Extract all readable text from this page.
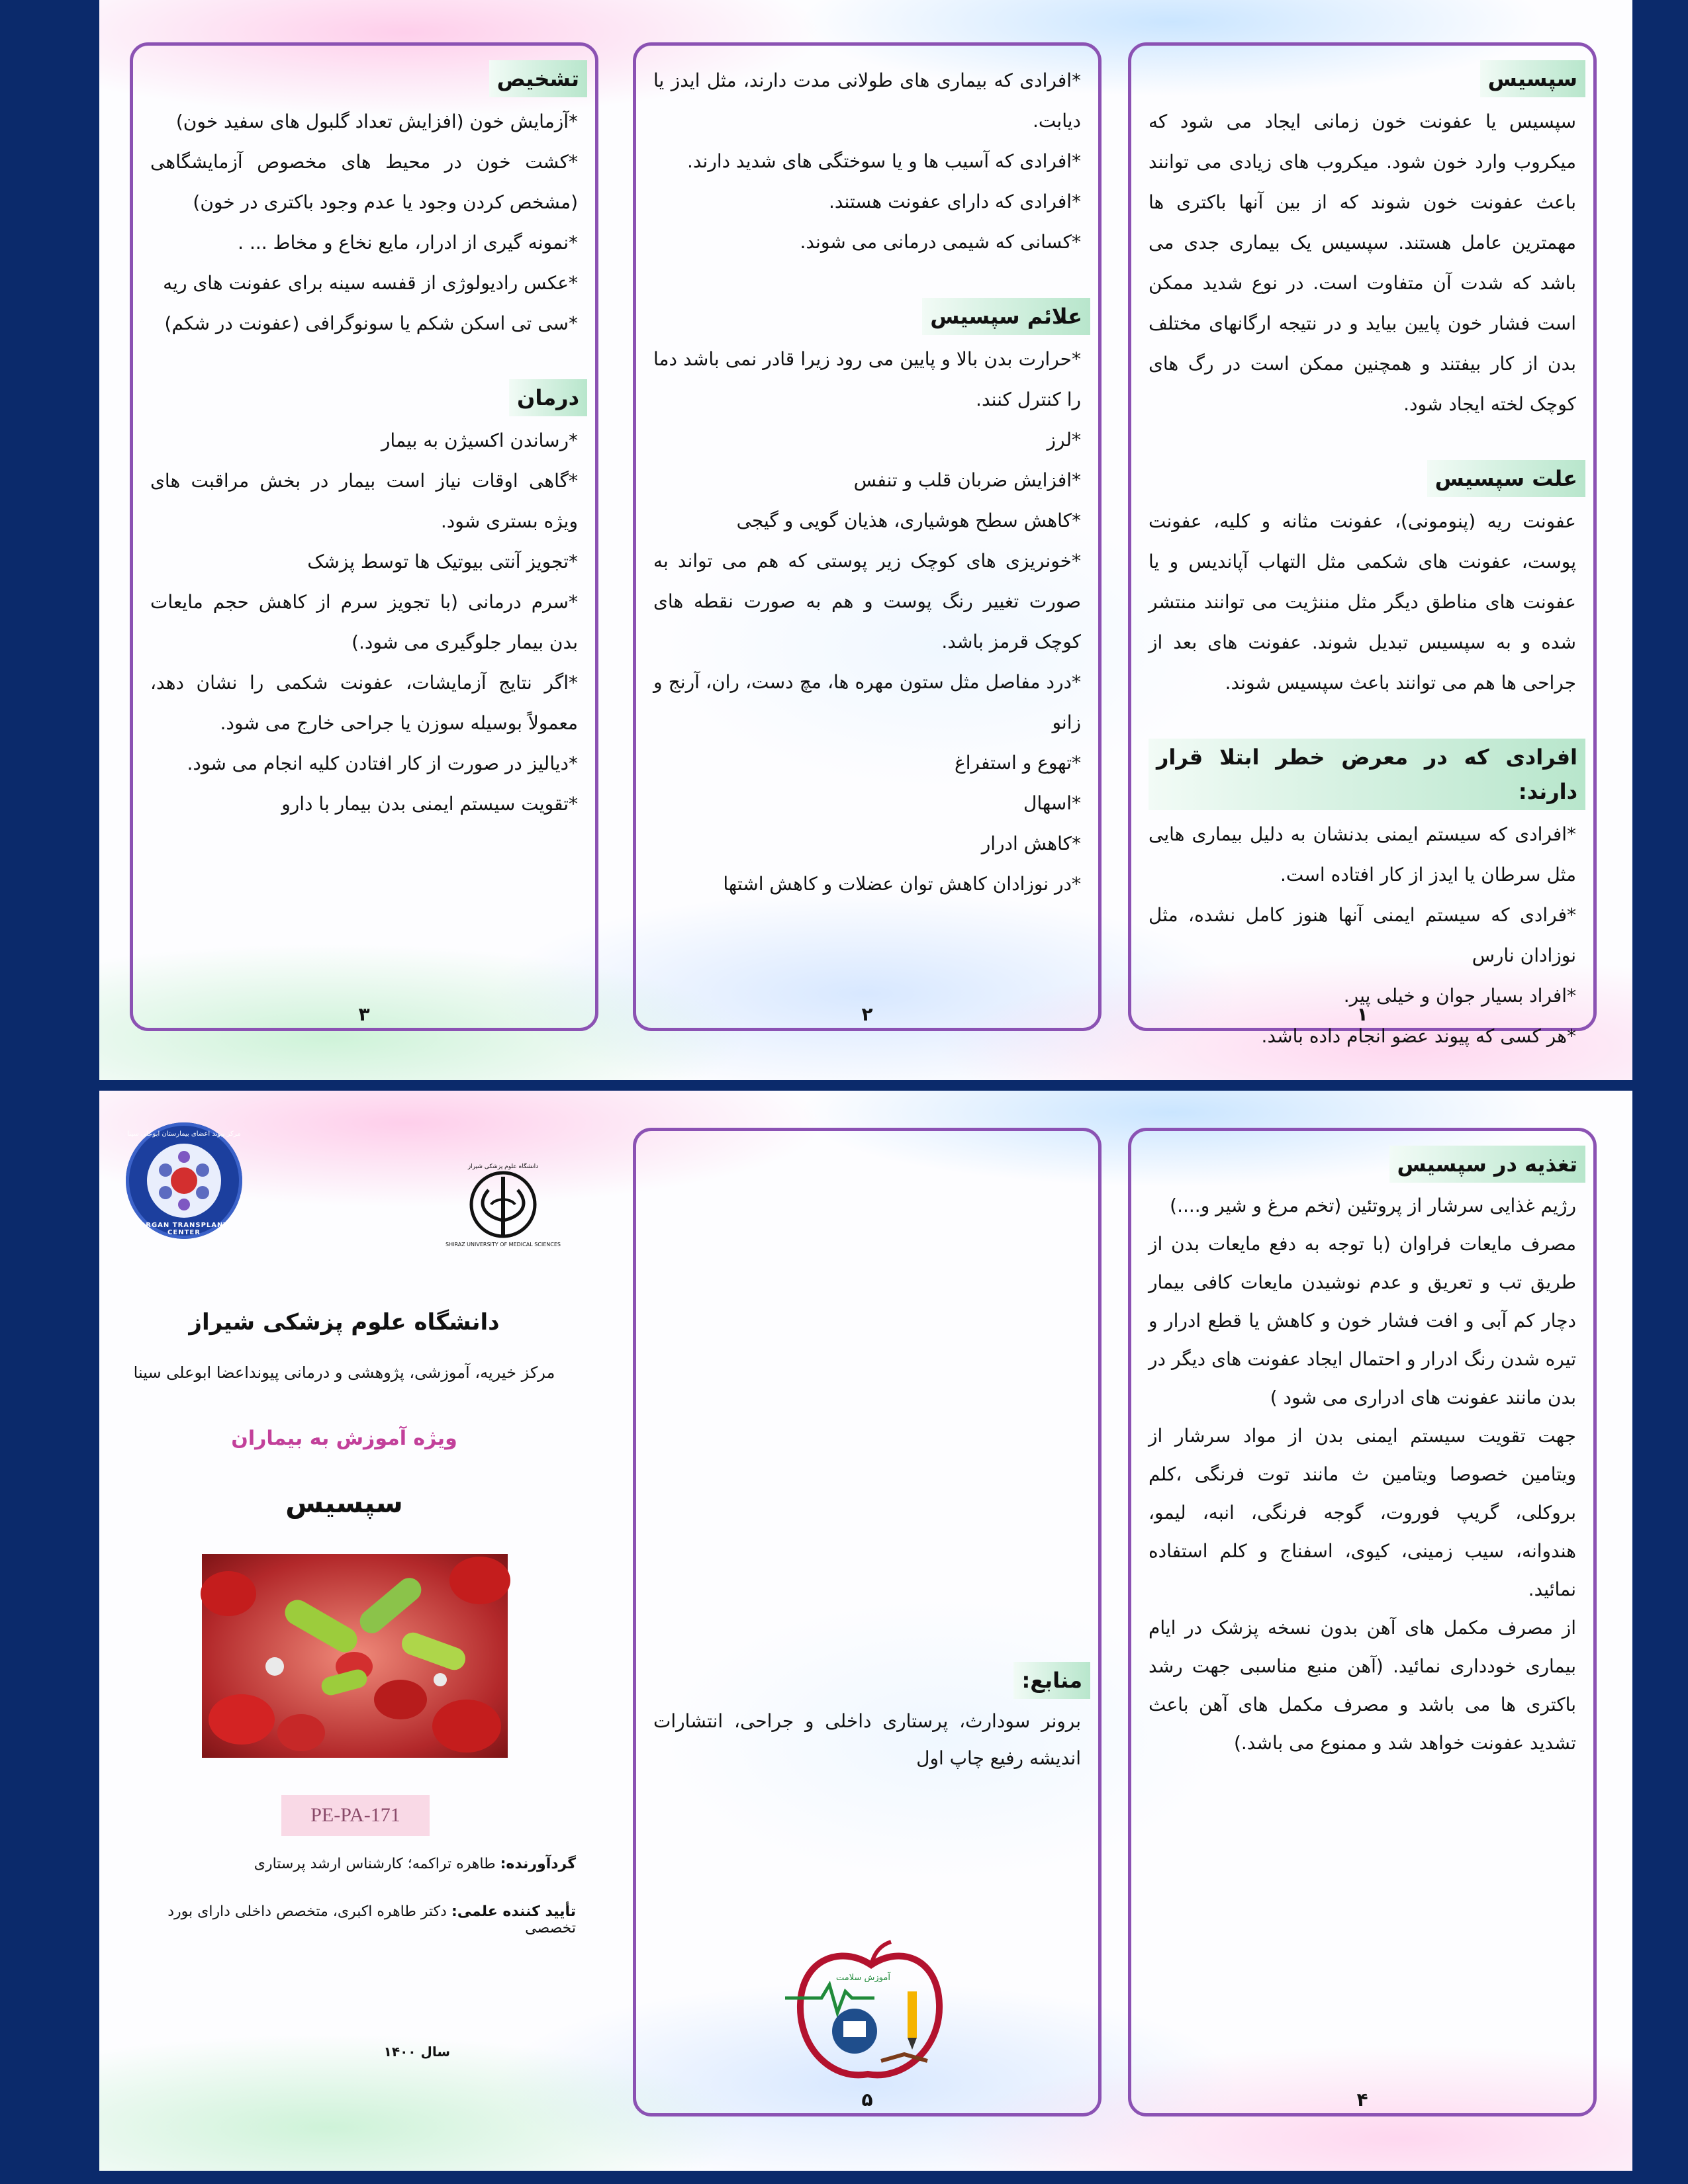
سپسیس

سپسیس یا عفونت خون زمانی ایجاد می شود که میکروب وارد خون شود. میکروب های زیادی می توانند باعث عفونت خون شوند که از بین آنها باکتری ها مهمترین عامل هستند. سپسیس یک بیماری جدی می باشد که شدت آن متفاوت است. در نوع شدید ممکن است فشار خون پایین بیاید و در نتیجه ارگانهای مختلف بدن از کار بیفتند و همچنین ممکن است در رگ های کوچک لخته ایجاد شود.

علت سپسیس

عفونت ریه (پنومونی)، عفونت مثانه و کلیه، عفونت پوست، عفونت های شکمی مثل التهاب آپاندیس و یا عفونت های مناطق دیگر مثل مننژیت می توانند منتشر شده و به سپسیس تبدیل شوند. عفونت های بعد از جراحی ها هم می توانند باعث سپسیس شوند.

افرادی که در معرض خطر ابتلا قرار دارند:

*افرادی که سیستم ایمنی بدنشان به دلیل بیماری هایی مثل سرطان یا ایدز از کار افتاده است.

*فرادی که سیستم ایمنی آنها هنوز کامل نشده، مثل نوزادان نارس

*افراد بسیار جوان و خیلی پیر.

*هر کسی که پیوند عضو انجام داده باشد.

۱

*افرادی که بیماری های طولانی مدت دارند، مثل ایدز یا دیابت.

*افرادی که آسیب ها و یا سوختگی های شدید دارند.

*افرادی که دارای عفونت هستند.

*کسانی که شیمی درمانی می شوند.

علائم سپسیس

*حرارت بدن بالا و پایین می رود زیرا قادر نمی باشد دما را کنترل کنند.

*لرز

*افزایش ضربان قلب و تنفس

*کاهش سطح هوشیاری، هذیان گویی و گیجی

*خونریزی های کوچک زیر پوستی که هم می تواند به صورت تغییر رنگ پوست و هم به صورت نقطه های کوچک قرمز باشد.

*درد مفاصل مثل ستون مهره ها، مچ دست، ران، آرنج و زانو

*تهوع و استفراغ

*اسهال

*کاهش ادرار

*در نوزادان کاهش توان عضلات و کاهش اشتها

۲
تشخیص

*آزمایش خون (افزایش تعداد گلبول های سفید خون)

*کشت خون در محیط های مخصوص آزمایشگاهی (مشخص کردن وجود یا عدم وجود باکتری در خون)

*نمونه گیری از ادرار، مایع نخاع و مخاط ... .

*عکس رادیولوژی از قفسه سینه برای عفونت های ریه

*سی تی اسکن شکم یا سونوگرافی (عفونت در شکم)

درمان

*رساندن اکسیژن به بیمار

*گاهی اوقات نیاز است بیمار در بخش مراقبت های ویژه بستری شود.

*تجویز آنتی بیوتیک ها توسط پزشک

*سرم درمانی (با تجویز سرم از کاهش حجم مایعات بدن بیمار جلوگیری می شود.)

*اگر نتایج آزمایشات، عفونت شکمی را نشان دهد، معمولاً بوسیله سوزن یا جراحی خارج می شود.

*دیالیز در صورت از کار افتادن کلیه انجام می شود.

*تقویت سیستم ایمنی بدن بیمار با دارو

۳
تغذیه در سپسیس

رژیم غذایی سرشار از پروتئین (تخم مرغ و شیر و....)

مصرف مایعات فراوان (با توجه به دفع مایعات بدن از طریق تب و تعریق و عدم نوشیدن مایعات کافی بیمار دچار کم آبی و افت فشار خون و کاهش یا قطع ادرار و تیره شدن رنگ ادرار و احتمال ایجاد عفونت های دیگر در بدن مانند عفونت های ادراری می شود )

جهت تقویت سیستم ایمنی بدن از مواد سرشار از ویتامین خصوصا ویتامین ث مانند توت فرنگی ،کلم بروکلی، گریپ فوروت، گوجه فرنگی، انبه، لیمو، هندوانه، سیب زمینی، کیوی، اسفناج و کلم استفاده نمائید.

از مصرف مکمل های آهن بدون نسخه پزشک در ایام بیماری خودداری نمائید. (آهن منبع مناسبی جهت رشد باکتری ها می باشد و مصرف مکمل های آهن باعث تشدید عفونت خواهد شد و ممنوع می باشد.)

۴
منابع:

برونر سودارث، پرستاری داخلی و جراحی، انتشارات اندیشه رفیع چاپ اول

آموزش سلامت
۵
مرکز پیوند اعضای بیمارستان ابوعلی سینا
ORGAN TRANSPLANT CENTER
دانشگاه علوم پزشکی شیراز
SHIRAZ UNIVERSITY OF MEDICAL SCIENCES
دانشگاه علوم پزشکی شیراز
مرکز خیریه، آموزشی، پژوهشی و درمانی پیونداعضا ابوعلی سینا
ویژه آموزش به بیماران
سپسیس
PE-PA-171
گردآورنده: طاهره تراکمه؛ کارشناس ارشد پرستاری
تأیید کننده علمی: دکتر طاهره اکبری، متخصص داخلی دارای بورد تخصصی
سال ۱۴۰۰
